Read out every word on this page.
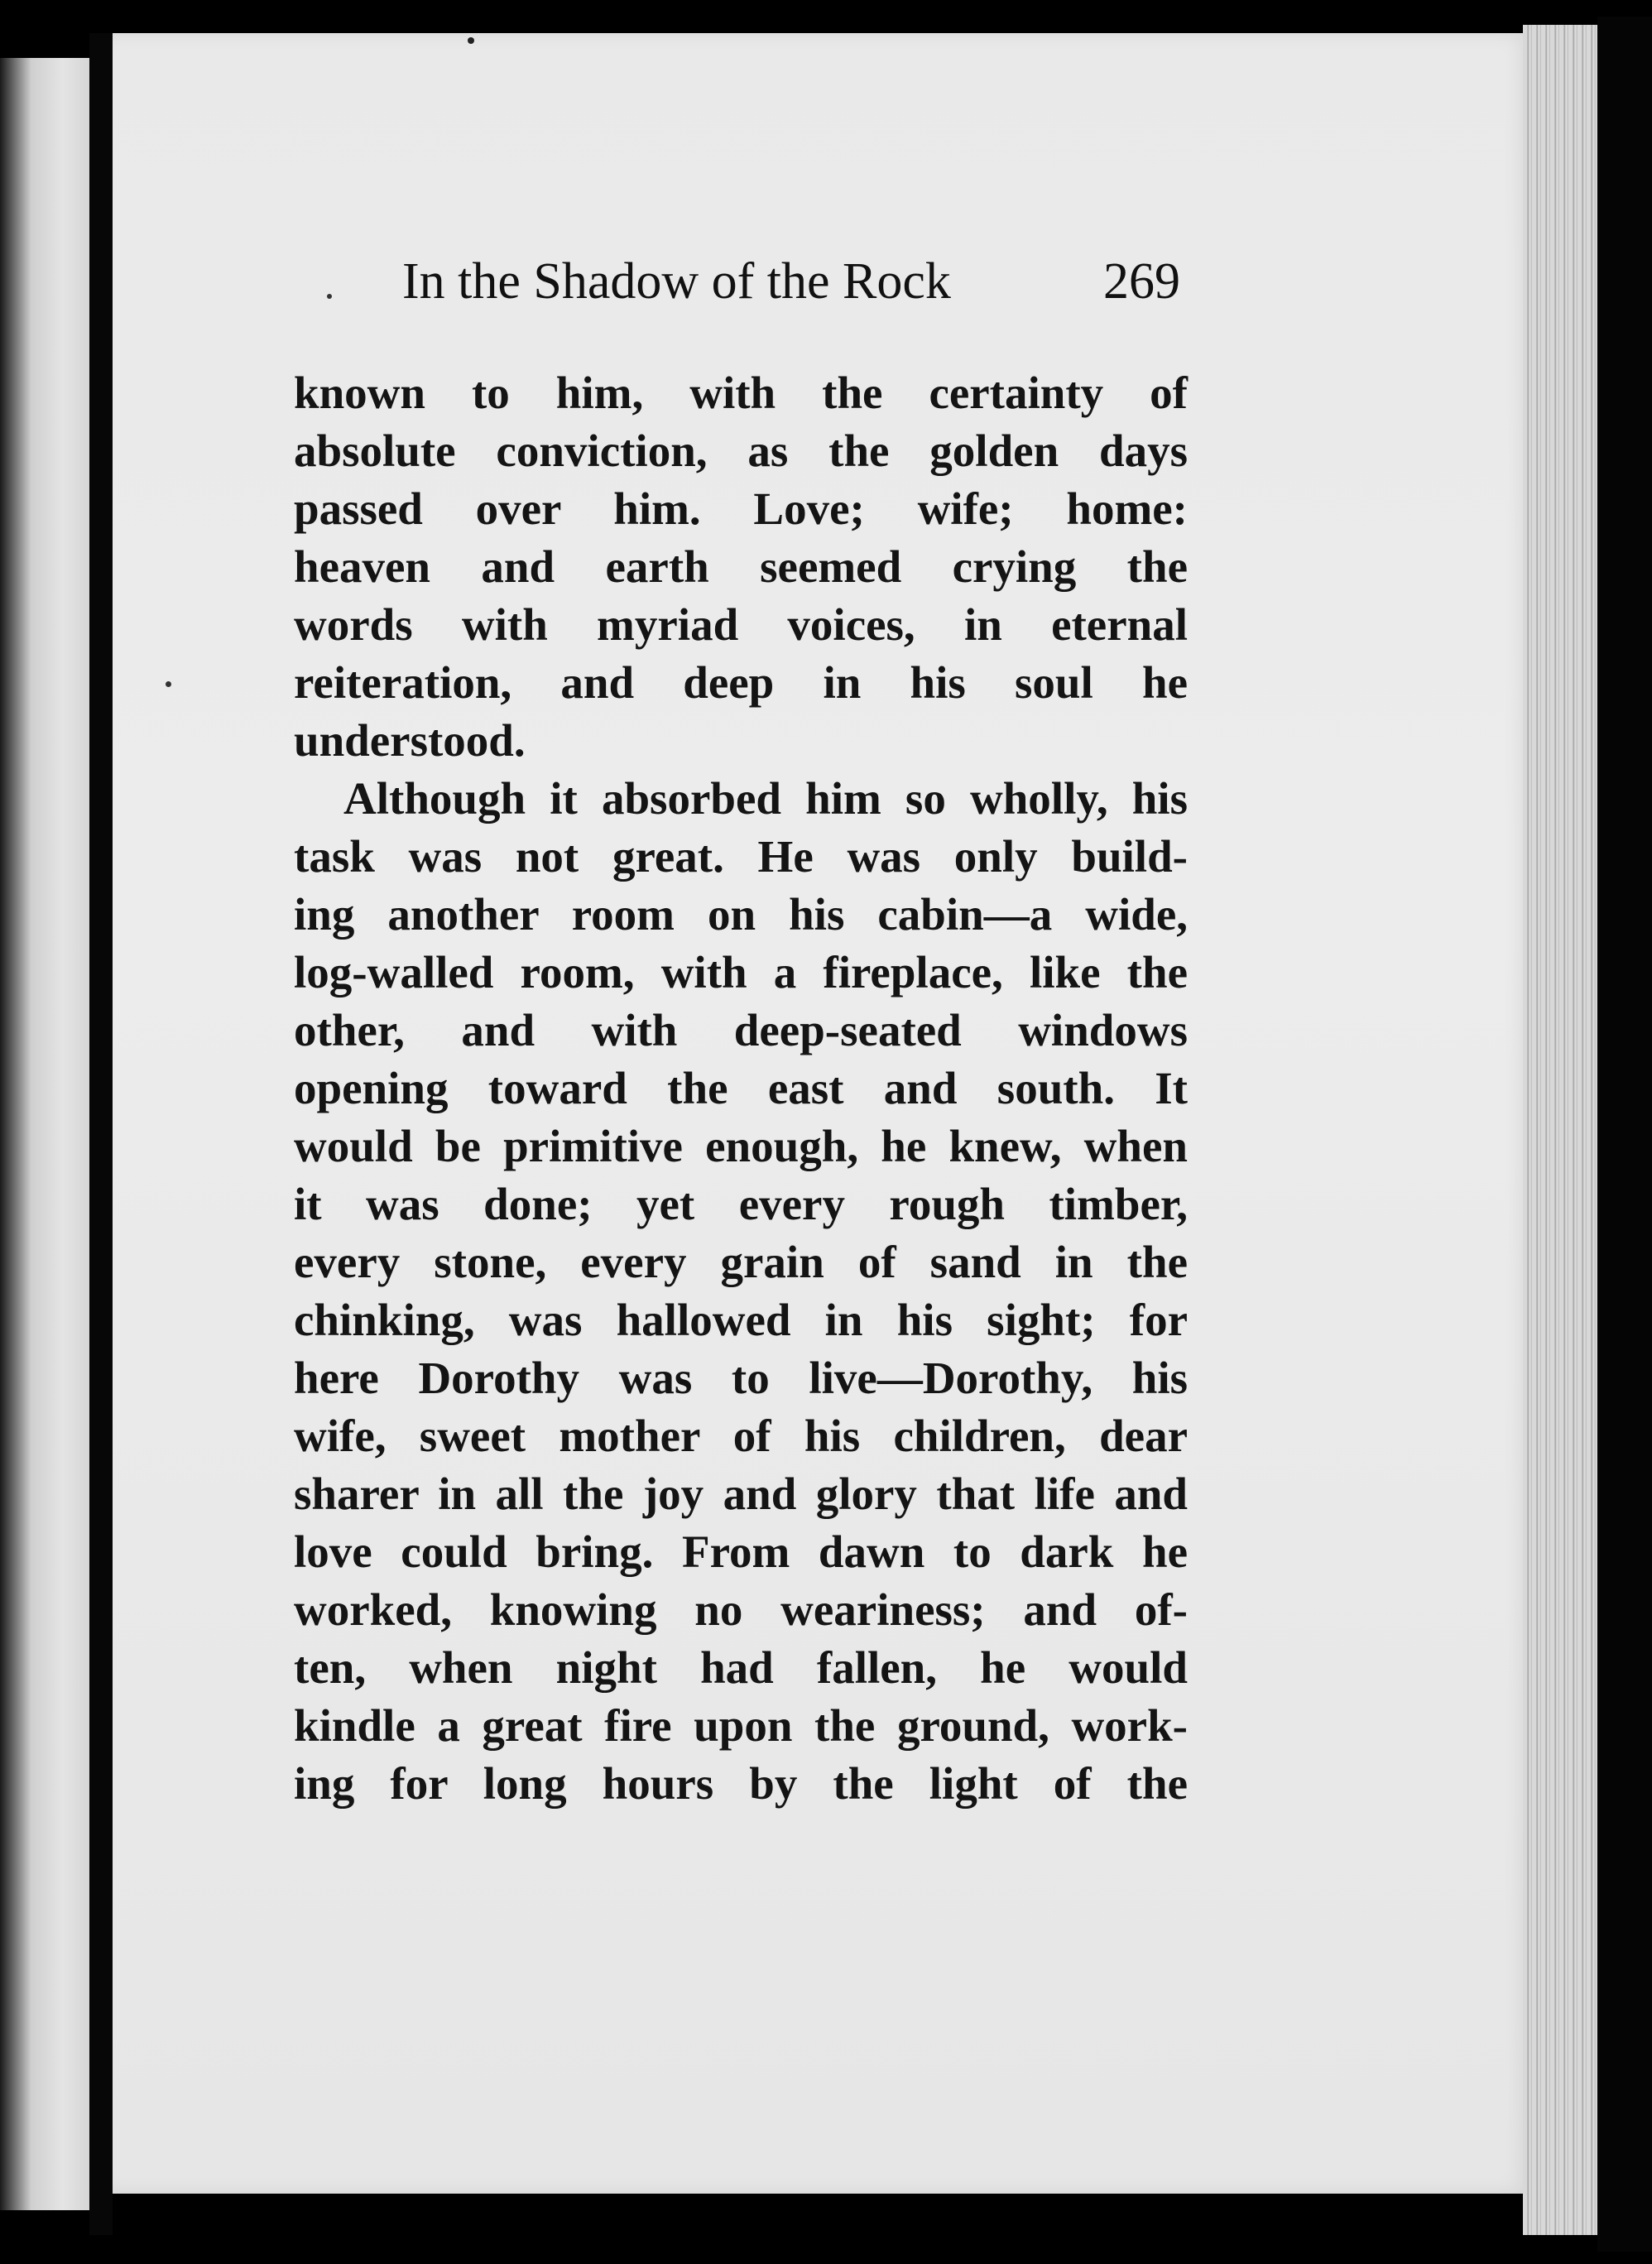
In the Shadow of the Rock	269
known to him, with the certainty of
absolute conviction, as the golden days
passed over him. Love; wife; home:
heaven and earth seemed crying the
words with myriad voices, in eternal
reiteration, and deep in his soul he
understood.
Although it absorbed him so wholly, his
task was not great. He was only build-
ing another room on his cabin—a wide,
log-walled room, with a fireplace, like the
other, and with deep-seated windows
opening toward the east and south. It
would be primitive enough, he knew, when
it was done; yet every rough timber,
every stone, every grain of sand in the
chinking, was hallowed in his sight; for
here Dorothy was to live—Dorothy, his
wife, sweet mother of his children, dear
sharer in all the joy and glory that life and
love could bring. From dawn to dark he
worked, knowing no weariness; and of-
ten, when night had fallen, he would
kindle a great fire upon the ground, work-
ing for long hours by the light of the
